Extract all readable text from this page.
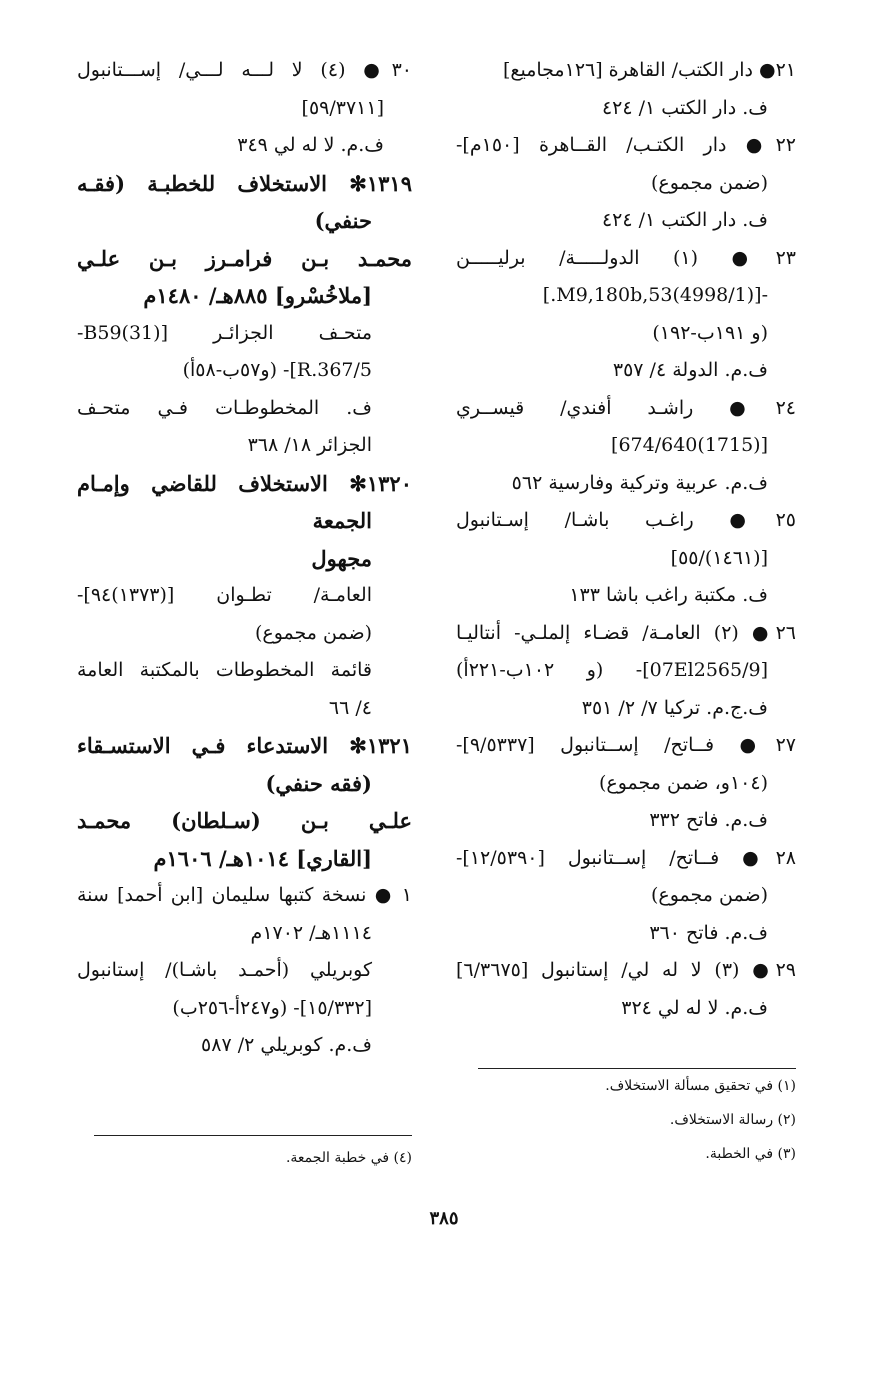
٢١● دار الكتب/ القاهرة [١٢٦مجاميع]
ف. دار الكتب ١/ ٤٢٤
٢٢● دار الكتـب/ القــاهرة [١٥٠م]-
(ضمن مجموع)
ف. دار الكتب ١/ ٤٢٤
٢٣● (١) الدولـــــة/ برليـــــن
-[(4998/1)M9,180b,53.]
(و ١٩١ب-١٩٢)
ف.م. الدولة ٤/ ٣٥٧
٢٤● راشـد أفندي/ قيســري
[(1715)674/640]
ف.م. عربية وتركية وفارسية ٥٦٢
٢٥● راغـب باشـا/ إسـتانبول
[(١٤٦١)/٥٥]
ف. مكتبة راغب باشا ١٣٣
٢٦● (٢) العامـة/ قضـاء إلملـي- أنتاليـا
[07El2565/9]- (و ١٠٢ب-٢٢١أ)
ف.ج.م. تركيا ٧/ ٢/ ٣٥١
٢٧● فــاتح/ إســتانبول [٩/٥٣٣٧]-
(١٠٤و، ضمن مجموع)
ف.م. فاتح ٣٣٢
٢٨● فــاتح/ إســتانبول [١٢/٥٣٩٠]-
(ضمن مجموع)
ف.م. فاتح ٣٦٠
٢٩● (٣) لا له لي/ إستانبول [٦/٣٦٧٥]
ف.م. لا له لي ٣٢٤
٣٠● (٤) لا لـــه لـــي/ إســـتانبول
[٥٩/٣٧١١]
ف.م. لا له لي ٣٤٩
١٣١٩✻ الاستخلاف للخطبـة (فقـه
حنفي)
محمـد بـن فرامـرز بـن علـي
[ملاخُسْرو] ٨٨٥هـ/ ١٤٨٠م
متحـف الجزائـر [B59(31)-
R.367/5]- (و٥٧ب-٥٨أ)
ف. المخطوطـات فـي متحـف
الجزائر ١٨/ ٣٦٨
١٣٢٠✻ الاستخلاف للقاضي وإمـام
الجمعة
مجهول
العامـة/ تطـوان [(١٣٧٣)٩٤]-
(ضمن مجموع)
قائمة المخطوطات بالمكتبة العامة
٤/ ٦٦
١٣٢١✻ الاستدعاء فـي الاستسـقاء
(فقه حنفي)
علـي بـن (سـلطان) محمـد
[القاري] ١٠١٤هـ/ ١٦٠٦م
١ ● نسخة كتبها سليمان [ابن أحمد] سنة
١١١٤هـ/ ١٧٠٢م
كوبريلي (أحمـد باشـا)/ إستانبول
[١٥/٣٣٢]- (و٢٤٧أ-٢٥٦ب)
ف.م. كوبريلي ٢/ ٥٨٧
(١) في تحقيق مسألة الاستخلاف.
(٢) رسالة الاستخلاف.
(٣) في الخطبة.
(٤) في خطبة الجمعة.
٣٨٥
